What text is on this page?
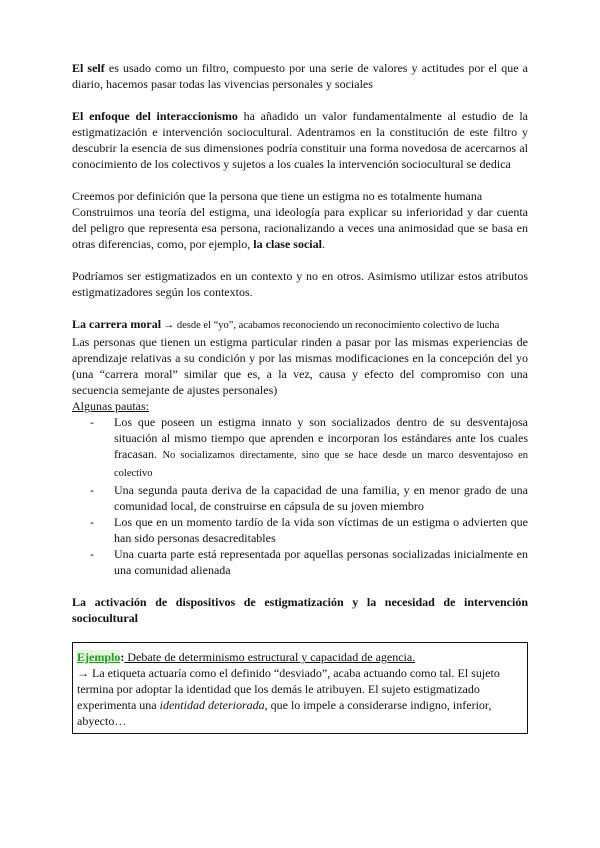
El self es usado como un filtro, compuesto por una serie de valores y actitudes por el que a diario, hacemos pasar todas las vivencias personales y sociales

El enfoque del interaccionismo ha añadido un valor fundamentalmente al estudio de la estigmatización e intervención sociocultural. Adentramos en la constitución de este filtro y descubrir la esencia de sus dimensiones podría constituir una forma novedosa de acercarnos al conocimiento de los colectivos y sujetos a los cuales la intervención sociocultural se dedica

Creemos por definición que la persona que tiene un estigma no es totalmente humana

Construimos una teoría del estigma, una ideología para explicar su inferioridad y dar cuenta del peligro que representa esa persona, racionalizando a veces una animosidad que se basa en otras diferencias, como, por ejemplo, la clase social.

Podríamos ser estigmatizados en un contexto y no en otros. Asimismo utilizar estos atributos estigmatizadores según los contextos.

La carrera moral → desde el “yo”, acabamos reconociendo un reconocimiento colectivo de lucha

Las personas que tienen un estigma particular rinden a pasar por las mismas experiencias de aprendizaje relativas a su condición y por las mismas modificaciones en la concepción del yo (una “carrera moral” similar que es, a la vez, causa y efecto del compromiso con una secuencia semejante de ajustes personales)

Algunas pautas:

- Los que poseen un estigma innato y son socializados dentro de su desventajosa situación al mismo tiempo que aprenden e incorporan los estándares ante los cuales fracasan. No socializamos directamente, sino que se hace desde un marco desventajoso en colectivo
- Una segunda pauta deriva de la capacidad de una familia, y en menor grado de una comunidad local, de construirse en cápsula de su joven miembro
- Los que en un momento tardío de la vida son víctimas de un estigma o advierten que han sido personas desacreditables
- Una cuarta parte está representada por aquellas personas socializadas inicialmente en una comunidad alienada

La activación de dispositivos de estigmatización y la necesidad de intervención sociocultural

Ejemplo: Debate de determinismo estructural y capacidad de agencia.

→ La etiqueta actuaría como el definido “desviado”, acaba actuando como tal. El sujeto termina por adoptar la identidad que los demás le atribuyen. El sujeto estigmatizado experimenta una identidad deteriorada, que lo impele a considerarse indigno, inferior, abyecto…
